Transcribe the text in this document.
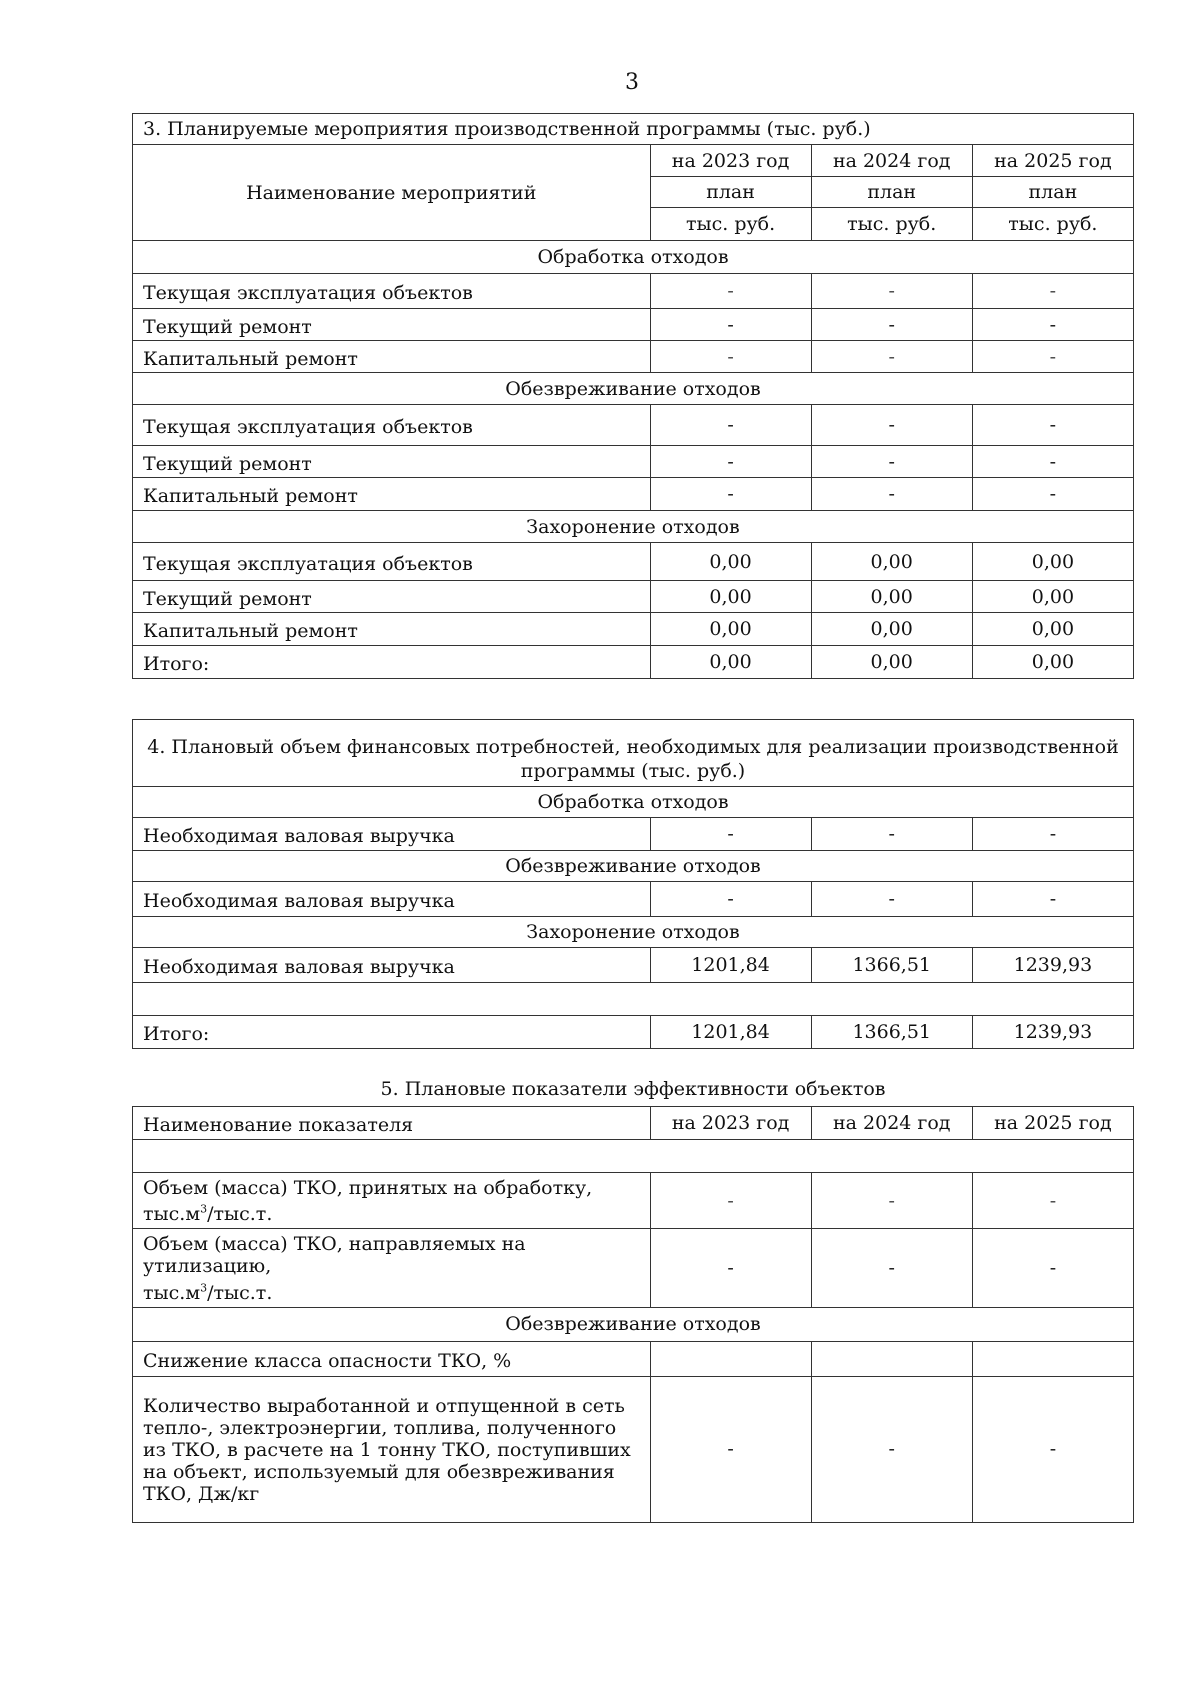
3
3. Планируемые мероприятия производственной программы (тыс. руб.)			
Наименование мероприятий	на 2023 год	на 2024 год	на 2025 год
	план	план	план
	тыс. руб.	тыс. руб.	тыс. руб.
Обработка отходов			
Текущая эксплуатация объектов	-	-	-
Текущий ремонт	-	-	-
Капитальный ремонт	-	-	-
Обезвреживание отходов			
Текущая эксплуатация объектов	-	-	-
Текущий ремонт	-	-	-
Капитальный ремонт	-	-	-
Захоронение отходов			
Текущая эксплуатация объектов	0,00	0,00	0,00
Текущий ремонт	0,00	0,00	0,00
Капитальный ремонт	0,00	0,00	0,00
Итого:	0,00	0,00	0,00
4. Плановый объем финансовых потребностей, необходимых для реализации производственной программы (тыс. руб.)			
Обработка отходов			
Необходимая валовая выручка	-	-	-
Обезвреживание отходов			
Необходимая валовая выручка	-	-	-
Захоронение отходов			
Необходимая валовая выручка	1201,84	1366,51	1239,93

Итого:	1201,84	1366,51	1239,93
5. Плановые показатели эффективности объектов
Наименование показателя	на 2023 год	на 2024 год	на 2025 год

Объем (масса) ТКО, принятых на обработку,
$тыс.м^3/тыс.т$.	-	-	-
Объем (масса) ТКО, направляемых на утилизацию,
$тыс.м^3/тыс.т$.	-	-	-
Обезвреживание отходов			
Снижение класса опасности ТКО, %			
Количество выработанной и отпущенной в сеть тепло-, электроэнергии, топлива, полученного из ТКО, в расчете на 1 тонну ТКО, поступивших на объект, используемый для обезвреживания ТКО, Дж/кг	-	-	-
